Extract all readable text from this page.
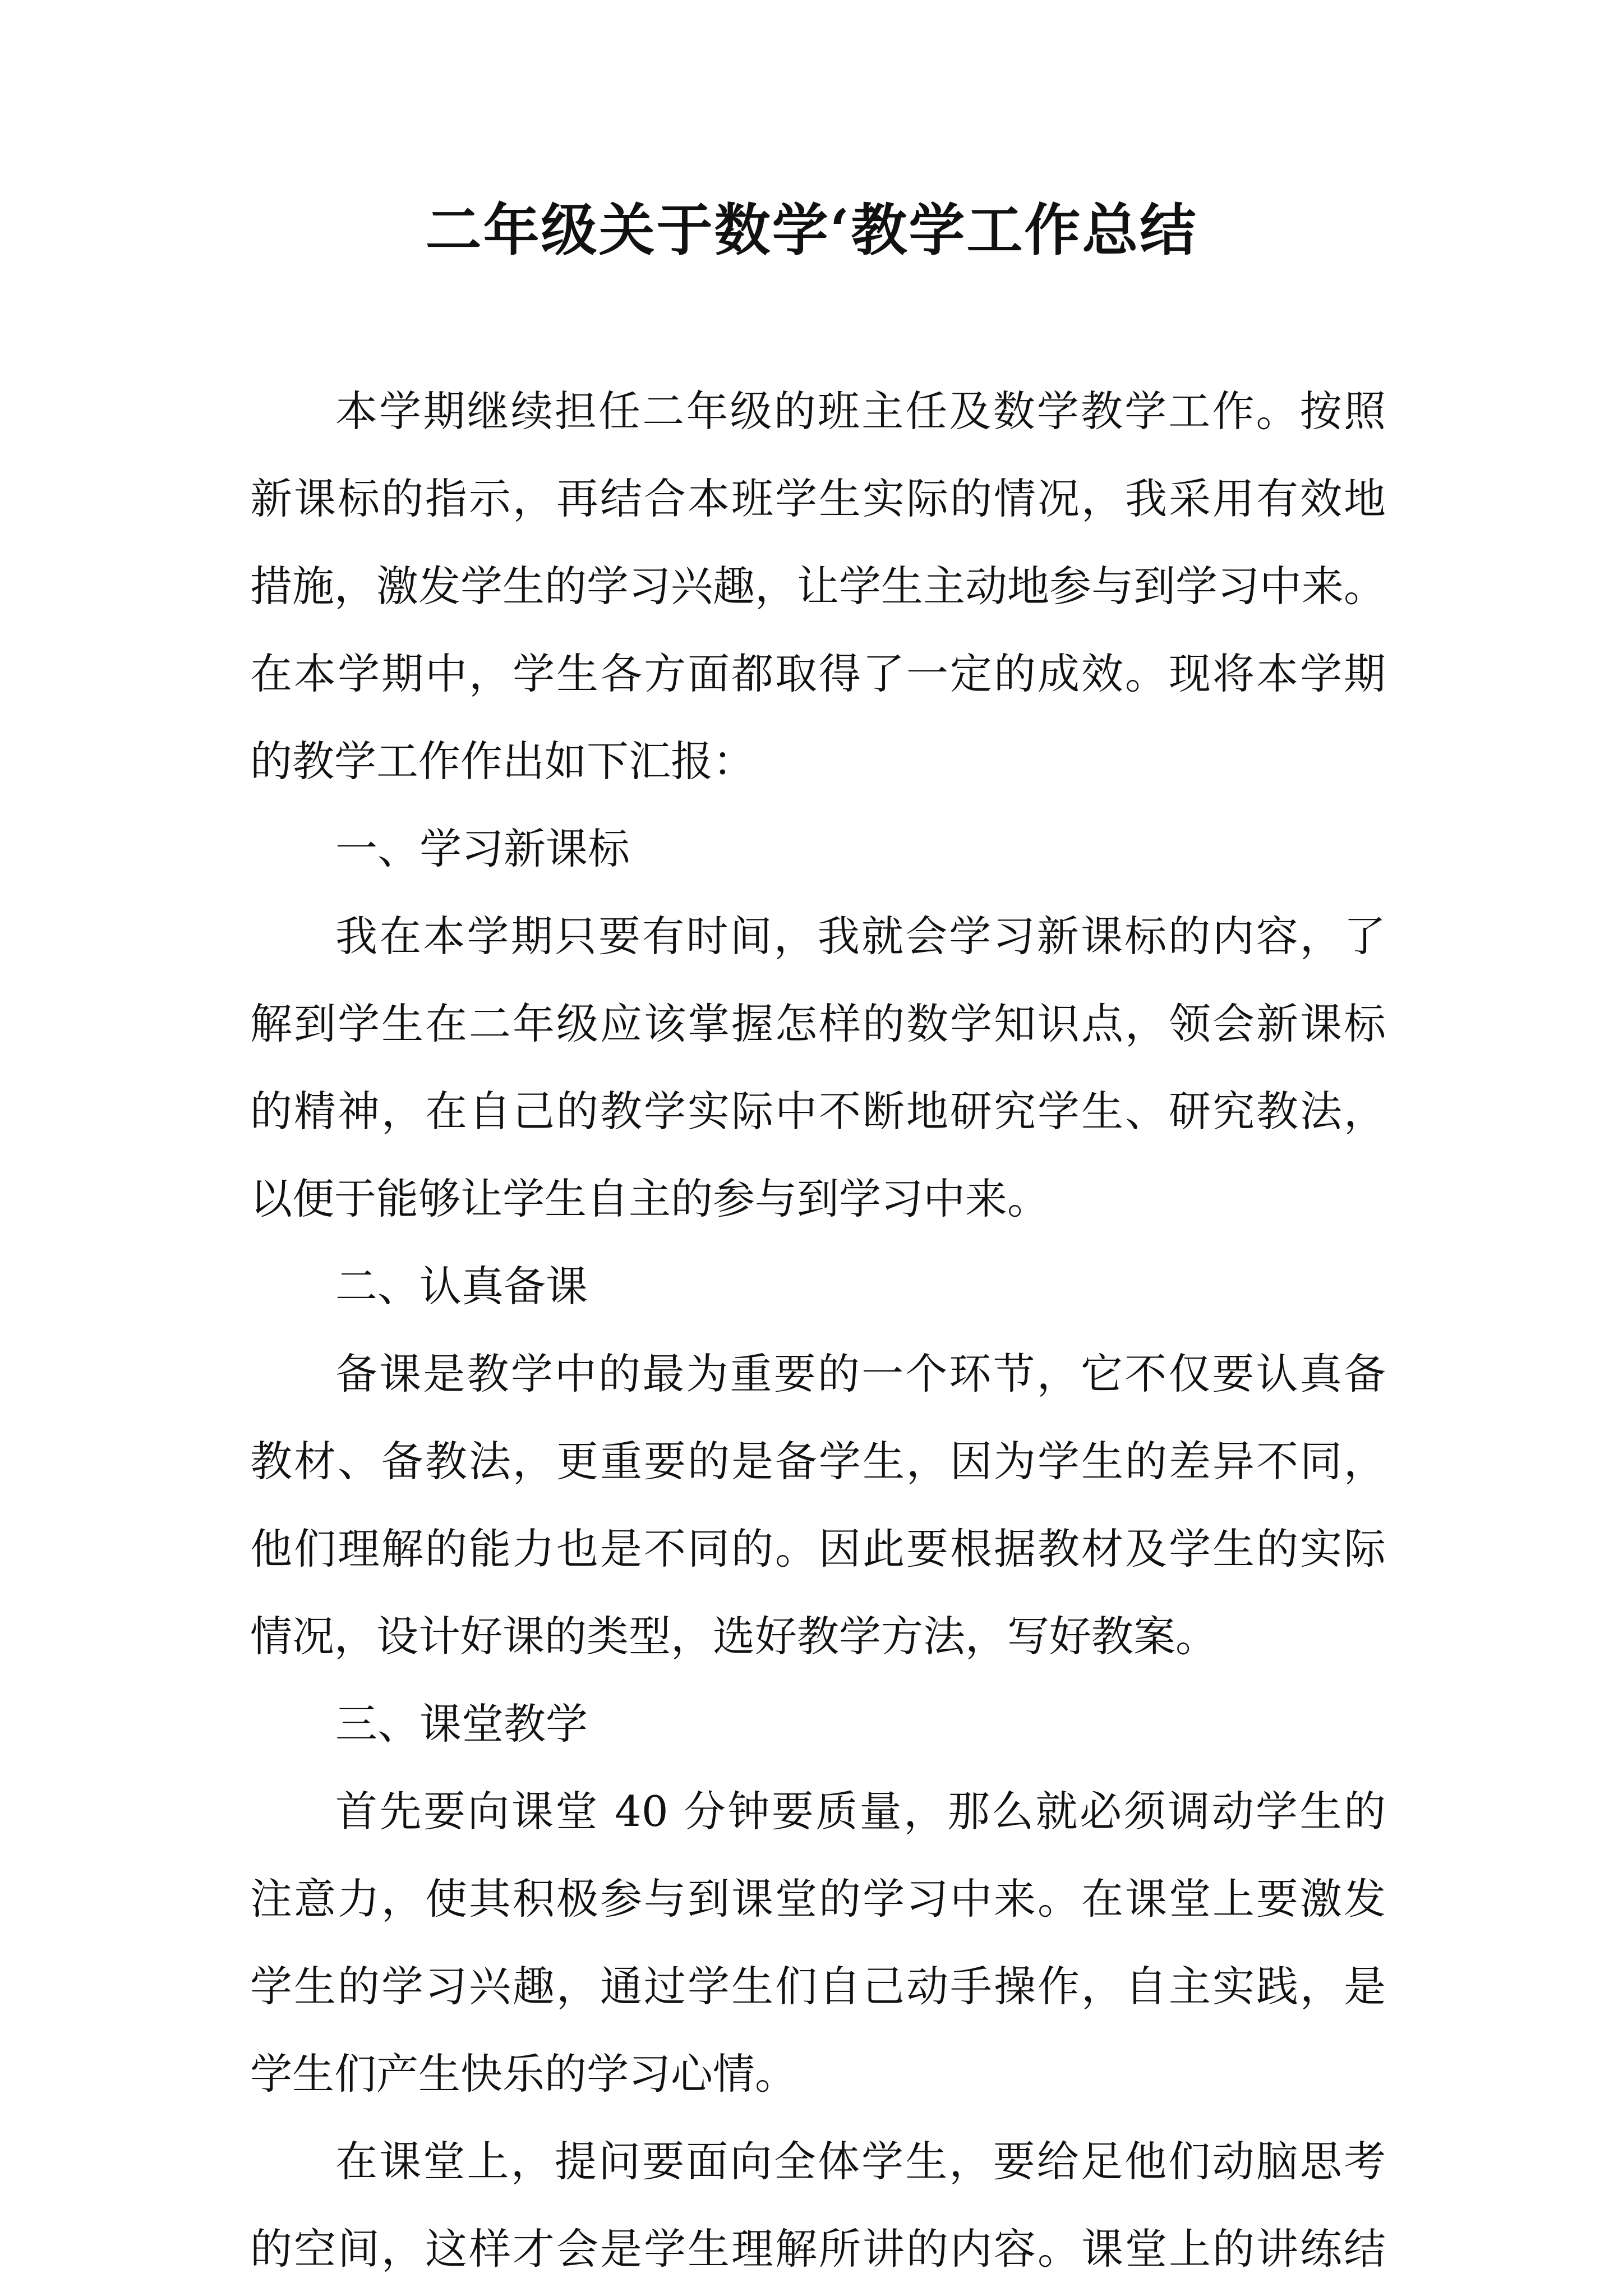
二年级关于数学‘教学工作总结
本学期继续担任二年级的班主任及数学教学工作。按照
新课标的指示，再结合本班学生实际的情况，我采用有效地
措施，激发学生的学习兴趣，让学生主动地参与到学习中来。
在本学期中，学生各方面都取得了一定的成效。现将本学期
的教学工作作出如下汇报：
一、学习新课标
我在本学期只要有时间，我就会学习新课标的内容，了
解到学生在二年级应该掌握怎样的数学知识点，领会新课标
的精神，在自己的教学实际中不断地研究学生、研究教法，
以便于能够让学生自主的参与到学习中来。
二、认真备课
备课是教学中的最为重要的一个环节，它不仅要认真备
教材、备教法，更重要的是备学生，因为学生的差异不同，
他们理解的能力也是不同的。因此要根据教材及学生的实际
情况，设计好课的类型，选好教学方法，写好教案。
三、课堂教学
首先要向课堂 40 分钟要质量，那么就必须调动学生的
注意力，使其积极参与到课堂的学习中来。在课堂上要激发
学生的学习兴趣，通过学生们自己动手操作，自主实践，是
学生们产生快乐的学习心情。
在课堂上，提问要面向全体学生，要给足他们动脑思考
的空间，这样才会是学生理解所讲的内容。课堂上的讲练结
